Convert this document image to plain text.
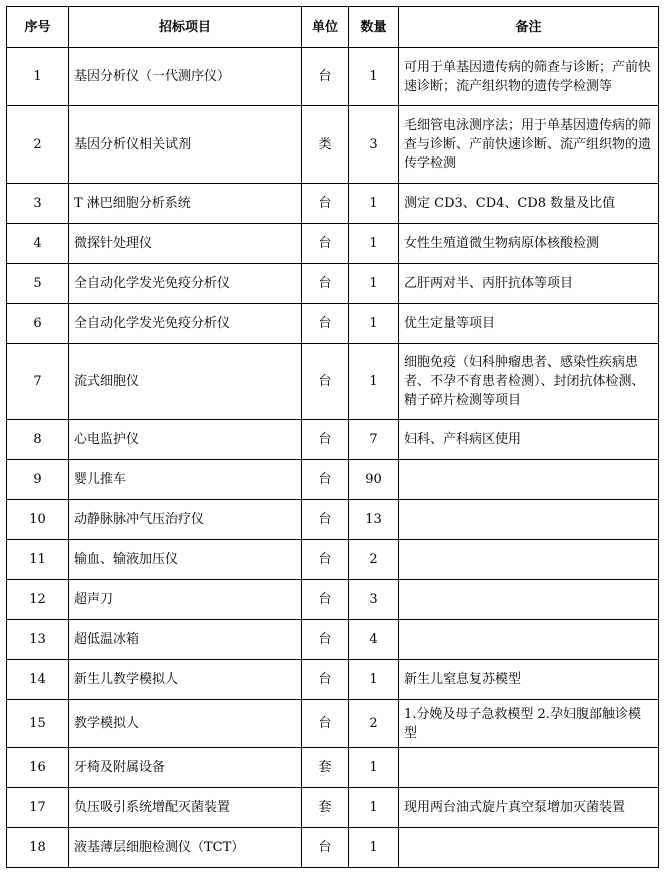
序号	招标项目	单位	数量	备注
1	基因分析仪（一代测序仪）	台	1	可用于单基因遗传病的筛查与诊断；产前快速诊断；流产组织物的遗传学检测等
2	基因分析仪相关试剂	类	3	毛细管电泳测序法；用于单基因遗传病的筛查与诊断、产前快速诊断、流产组织物的遗传学检测
3	T 淋巴细胞分析系统	台	1	测定 CD3、CD4、CD8 数量及比值
4	微探针处理仪	台	1	女性生殖道微生物病原体核酸检测
5	全自动化学发光免疫分析仪	台	1	乙肝两对半、丙肝抗体等项目
6	全自动化学发光免疫分析仪	台	1	优生定量等项目
7	流式细胞仪	台	1	细胞免疫（妇科肿瘤患者、感染性疾病患者、不孕不育患者检测）、封闭抗体检测、精子碎片检测等项目
8	心电监护仪	台	7	妇科、产科病区使用
9	婴儿推车	台	90	
10	动静脉脉冲气压治疗仪	台	13	
11	输血、输液加压仪	台	2	
12	超声刀	台	3	
13	超低温冰箱	台	4	
14	新生儿教学模拟人	台	1	新生儿窒息复苏模型
15	教学模拟人	台	2	1.分娩及母子急救模型 2.孕妇腹部触诊模型
16	牙椅及附属设备	套	1	
17	负压吸引系统增配灭菌装置	套	1	现用两台油式旋片真空泵增加灭菌装置
18	液基薄层细胞检测仪（TCT）	台	1	
